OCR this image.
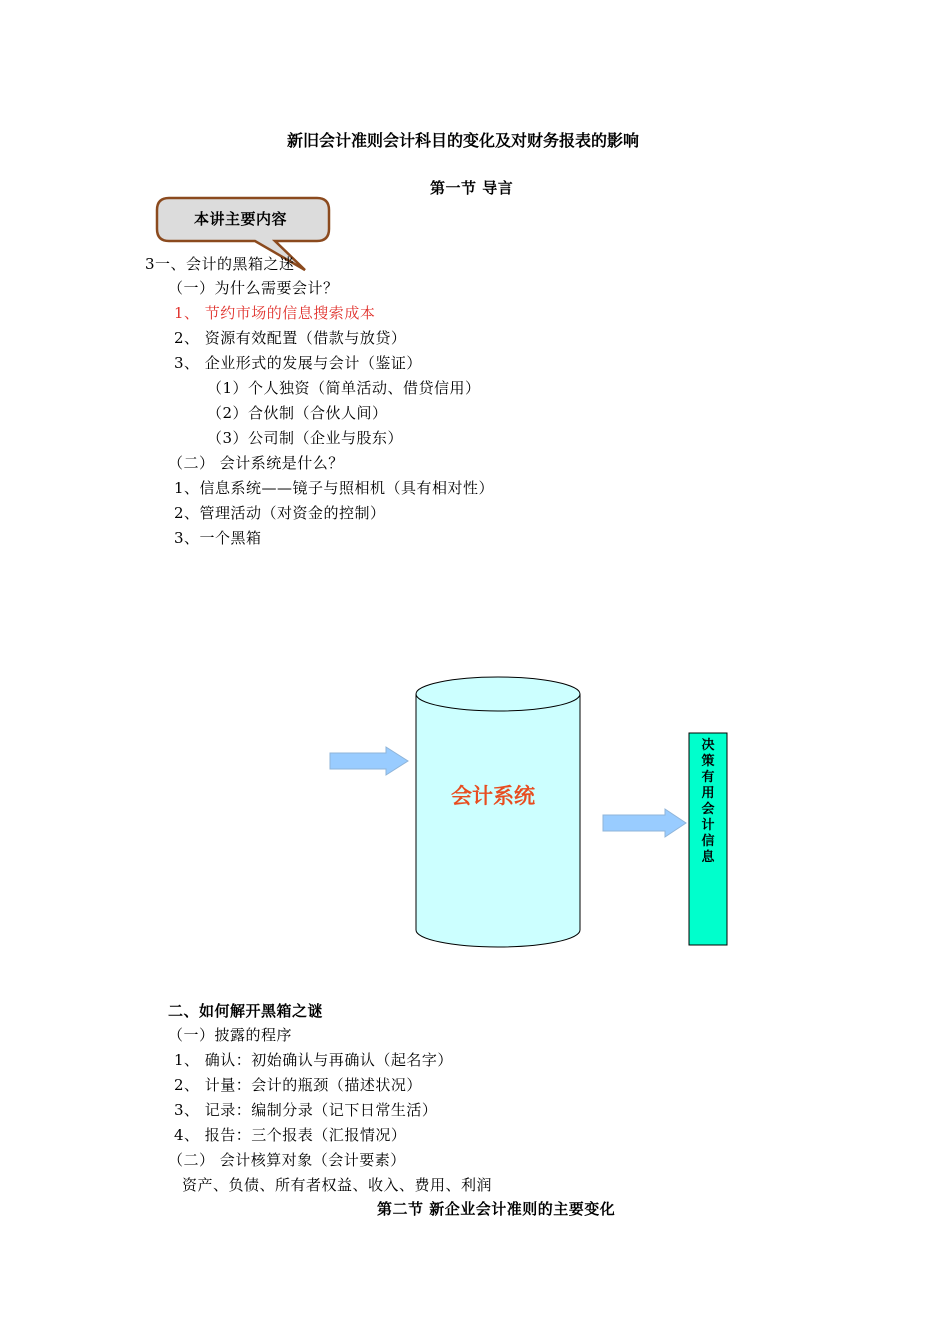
新旧会计准则会计科目的变化及对财务报表的影响
第一节 导言
本讲主要内容
3一、会计的黑箱之迷
（一）为什么需要会计？
1、 节约市场的信息搜索成本
2、 资源有效配置（借款与放贷）
3、 企业形式的发展与会计（鉴证）
（1）个人独资（简单活动、借贷信用）
（2）合伙制（合伙人间）
（3）公司制（企业与股东）
（二） 会计系统是什么？
1、信息系统——镜子与照相机（具有相对性）
2、管理活动（对资金的控制）
3、一个黑箱
会计系统
决策有用会计信息
二、如何解开黑箱之谜
（一）披露的程序
1、 确认：初始确认与再确认（起名字）
2、 计量：会计的瓶颈（描述状况）
3、 记录：编制分录（记下日常生活）
4、 报告：三个报表（汇报情况）
（二） 会计核算对象（会计要素）
资产、负债、所有者权益、收入、费用、利润
第二节 新企业会计准则的主要变化
